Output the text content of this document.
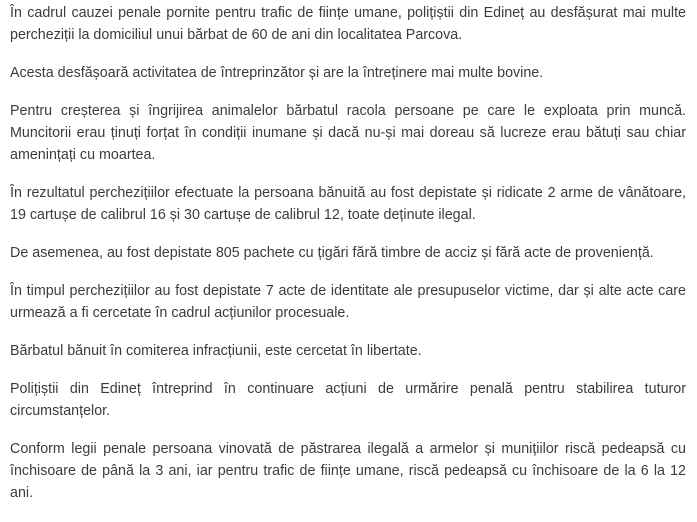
În cadrul cauzei penale pornite pentru trafic de ființe umane, polițiștii din Edineț au desfășurat mai multe percheziții la domiciliul unui bărbat de 60 de ani din localitatea Parcova.

Acesta desfășoară activitatea de întreprinzător și are la întreținere mai multe bovine.

Pentru creșterea și îngrijirea animalelor bărbatul racola persoane pe care le exploata prin muncă. Muncitorii erau ținuți forțat în condiții inumane și dacă nu-și mai doreau să lucreze erau bătuți sau chiar amenințați cu moartea.

În rezultatul perchezițiilor efectuate la persoana bănuită au fost depistate și ridicate 2 arme de vânătoare, 19 cartușe de calibrul 16 și 30 cartușe de calibrul 12, toate deținute ilegal.

De asemenea, au fost depistate 805 pachete cu țigări fără timbre de acciz și fără acte de proveniență.

În timpul perchezițiilor au fost depistate 7 acte de identitate ale presupuselor victime, dar și alte acte care urmează a fi cercetate în cadrul acțiunilor procesuale.

Bărbatul bănuit în comiterea infracțiunii, este cercetat în libertate.

Polițiștii din Edineț întreprind în continuare acțiuni de urmărire penală pentru stabilirea tuturor circumstanțelor.

Conform legii penale persoana vinovată de păstrarea ilegală a armelor și munițiilor riscă pedeapsă cu închisoare de până la 3 ani, iar pentru trafic de ființe umane, riscă pedeapsă cu închisoare de la 6 la 12 ani.
